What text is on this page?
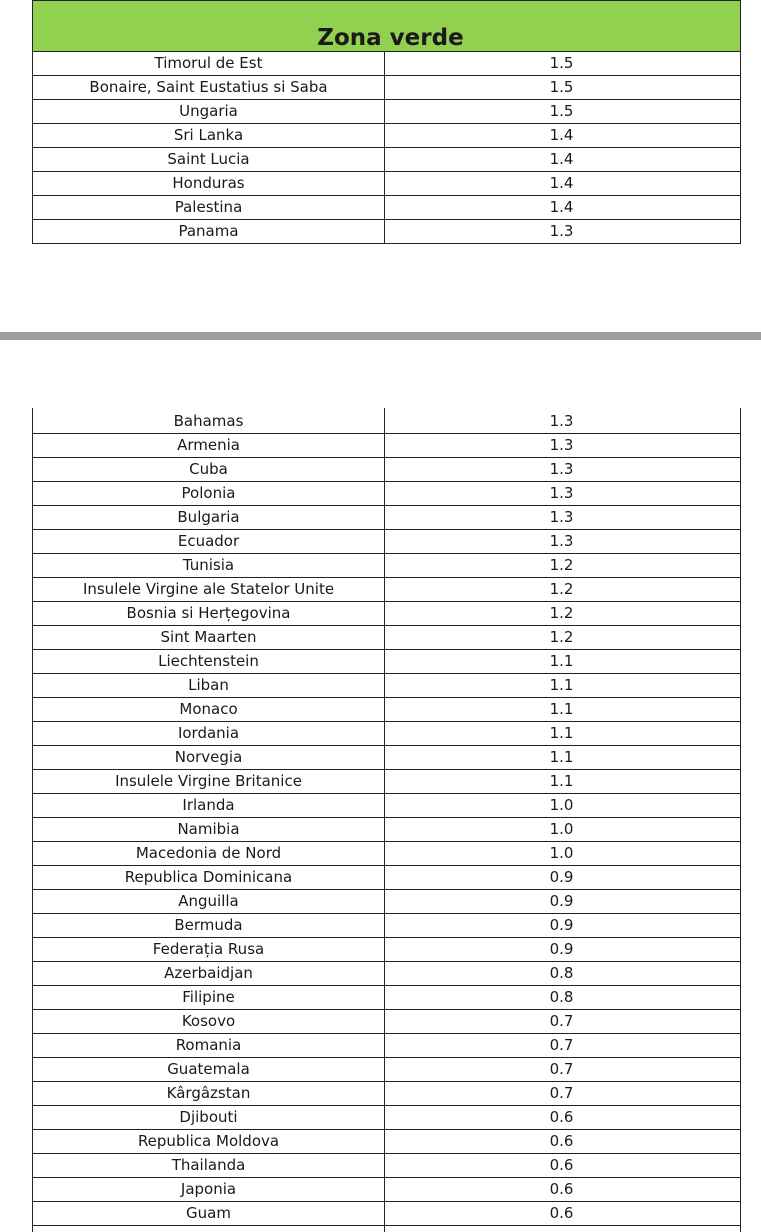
Zona verde
Timorul de Est	1.5
Bonaire, Saint Eustatius si Saba	1.5
Ungaria	1.5
Sri Lanka	1.4
Saint Lucia	1.4
Honduras	1.4
Palestina	1.4
Panama	1.3
Bahamas	1.3
Armenia	1.3
Cuba	1.3
Polonia	1.3
Bulgaria	1.3
Ecuador	1.3
Tunisia	1.2
Insulele Virgine ale Statelor Unite	1.2
Bosnia si Herțegovina	1.2
Sint Maarten	1.2
Liechtenstein	1.1
Liban	1.1
Monaco	1.1
Iordania	1.1
Norvegia	1.1
Insulele Virgine Britanice	1.1
Irlanda	1.0
Namibia	1.0
Macedonia de Nord	1.0
Republica Dominicana	0.9
Anguilla	0.9
Bermuda	0.9
Federația Rusa	0.9
Azerbaidjan	0.8
Filipine	0.8
Kosovo	0.7
Romania	0.7
Guatemala	0.7
Kârgâzstan	0.7
Djibouti	0.6
Republica Moldova	0.6
Thailanda	0.6
Japonia	0.6
Guam	0.6
